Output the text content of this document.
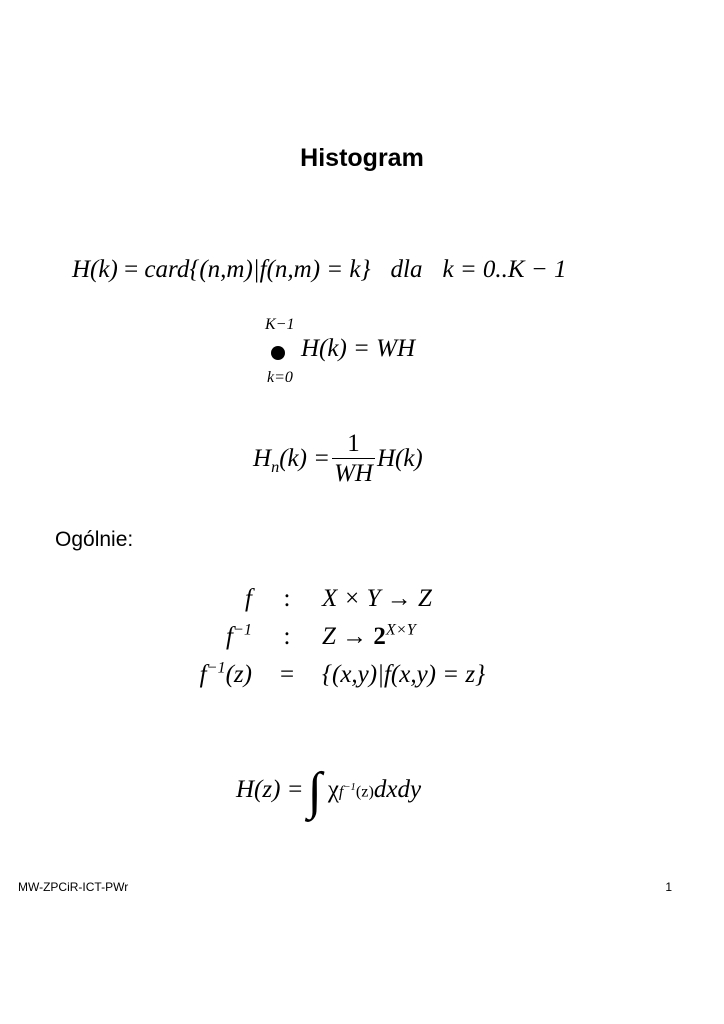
Histogram
H(k) = card{(n,m)|f(n,m) = k} dla k = 0..K − 1
K−1
k=0
H(k) = WH
$H_n(k) = \frac{1}{WH} H(k)$
Ogólnie:
f	:	X × Y → Z
$f^{-1}$	:	$Z \to 2^{X\times Y}$
$f^{-1}(z)$	=	{(x,y)|f(x,y) = z}
H(z) = ∫ χ $f^{-1}(z)$ dxdy
MW-ZPCiR-ICT-PWr	1
